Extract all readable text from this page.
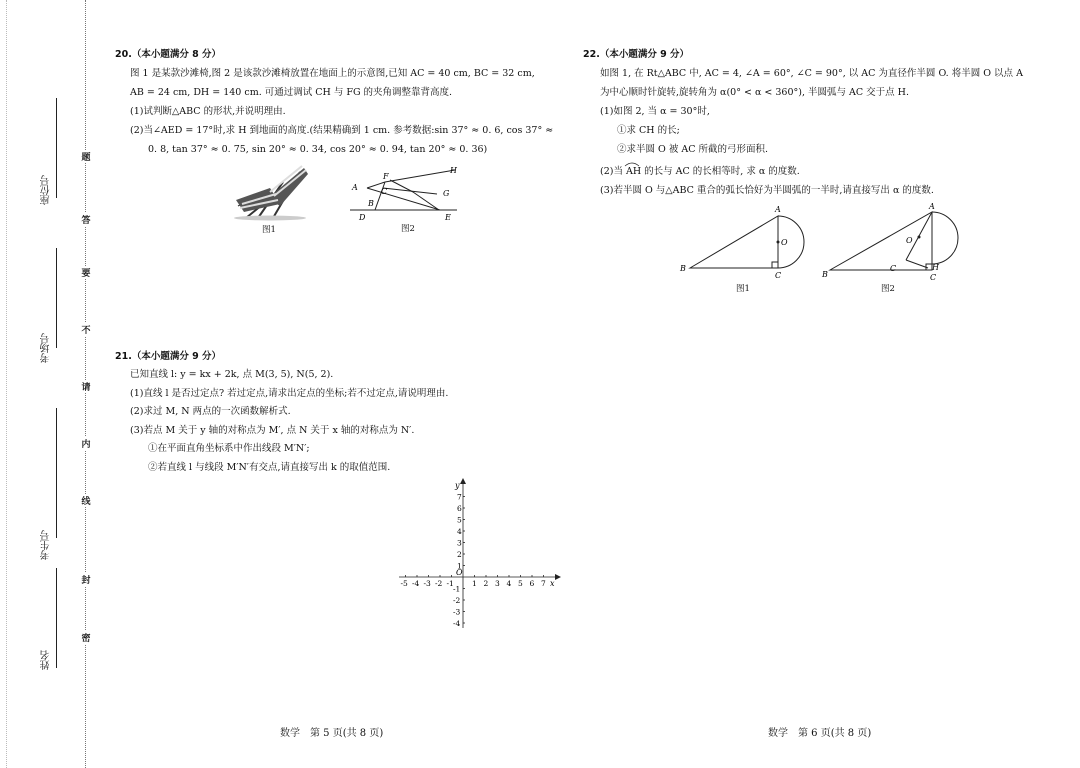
座位号
考场号
考生号
姓名
题
答
要
不
请
内
线
封
密
20.（本小题满分 8 分）
图 1 是某款沙滩椅,图 2 是该款沙滩椅放置在地面上的示意图,已知 AC = 40 cm, BC = 32 cm,
AB = 24 cm, DH = 140 cm. 可通过调试 CH 与 FG 的夹角调整靠背高度.
(1)试判断△ABC 的形状,并说明理由.
(2)当∠AED = 17°时,求 H 到地面的高度.(结果精确到 1 cm. 参考数据:sin 37° ≈ 0. 6, cos 37° ≈
0. 8, tan 37° ≈ 0. 75, sin 20° ≈ 0. 34, cos 20° ≈ 0. 94, tan 20° ≈ 0. 36)
图1
H
F
A	C	G
B
D	E
图2
21.（本小题满分 9 分）
已知直线 l: y = kx + 2k, 点 M(3, 5), N(5, 2).
(1)直线 l 是否过定点? 若过定点,请求出定点的坐标;若不过定点,请说明理由.
(2)求过 M, N 两点的一次函数解析式.
(3)若点 M 关于 y 轴的对称点为 M′, 点 N 关于 x 轴的对称点为 N′.
①在平面直角坐标系中作出线段 M′N′;
②若直线 l 与线段 M′N′有交点,请直接写出 k 的取值范围.
x
y
O
-5 -4 -3 -2 -1 1 2 3 4 5 6 7
7
6
5
4
3
2
1
-1
-2
-3
-4
数学　第 5 页(共 8 页)
22.（本小题满分 9 分）
如图 1, 在 Rt△ABC 中, AC = 4, ∠A = 60°, ∠C = 90°, 以 AC 为直径作半圆 O. 将半圆 O 以点 A
为中心顺时针旋转,旋转角为 α(0° < α < 360°), 半圆弧与 AC 交于点 H.
(1)如图 2, 当 α = 30°时,
①求 CH 的长;
②求半圆 O 被 AC 所截的弓形面积.
(2)当 AH 的长与 AC 的长相等时, 求 α 的度数.
(3)若半圆 O 与△ABC 重合的弧长恰好为半圆弧的一半时,请直接写出 α 的度数.
A
O
B
C
图1
A
O
B
C	H
C
图2
数学　第 6 页(共 8 页)
